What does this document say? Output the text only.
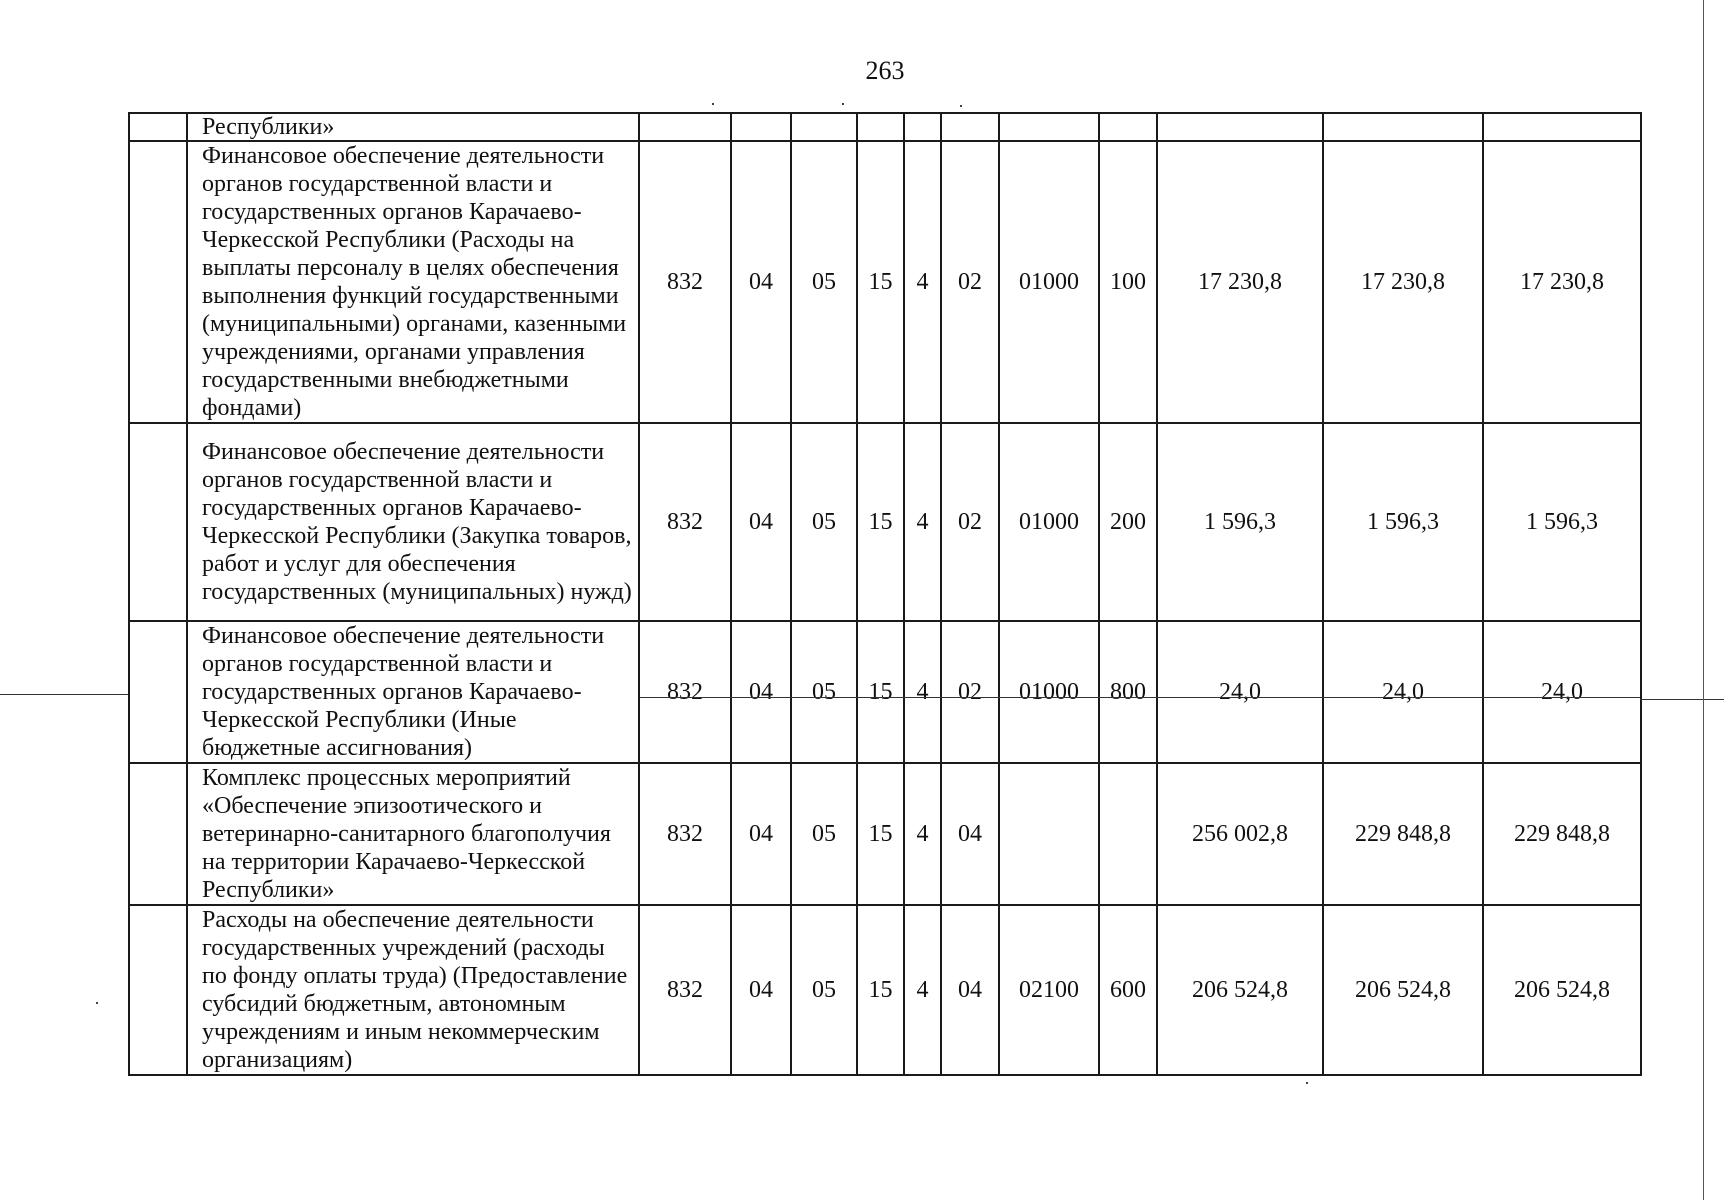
263
	Республики»											
	Финансовое обеспечение деятельности органов государственной власти и государственных органов Карачаево-Черкесской Республики (Расходы на выплаты персоналу в целях обеспечения выполнения функций государственными (муниципальными) органами, казенными учреждениями, органами управления государственными внебюджетными фондами)	832	04	05	15	4	02	01000	100	17 230,8	17 230,8	17 230,8
	Финансовое обеспечение деятельности органов государственной власти и государственных органов Карачаево-Черкесской Республики (Закупка товаров, работ и услуг для обеспечения государственных (муниципальных) нужд)	832	04	05	15	4	02	01000	200	1 596,3	1 596,3	1 596,3
	Финансовое обеспечение деятельности органов государственной власти и государственных органов Карачаево-Черкесской Республики (Иные бюджетные ассигнования)	832	04	05	15	4	02	01000	800	24,0	24,0	24,0
	Комплекс процессных мероприятий «Обеспечение эпизоотического и ветеринарно-санитарного благополучия на территории Карачаево-Черкесской Республики»	832	04	05	15	4	04			256 002,8	229 848,8	229 848,8
	Расходы на обеспечение деятельности государственных учреждений (расходы по фонду оплаты труда) (Предоставление субсидий бюджетным, автономным учреждениям и иным некоммерческим организациям)	832	04	05	15	4	04	02100	600	206 524,8	206 524,8	206 524,8
